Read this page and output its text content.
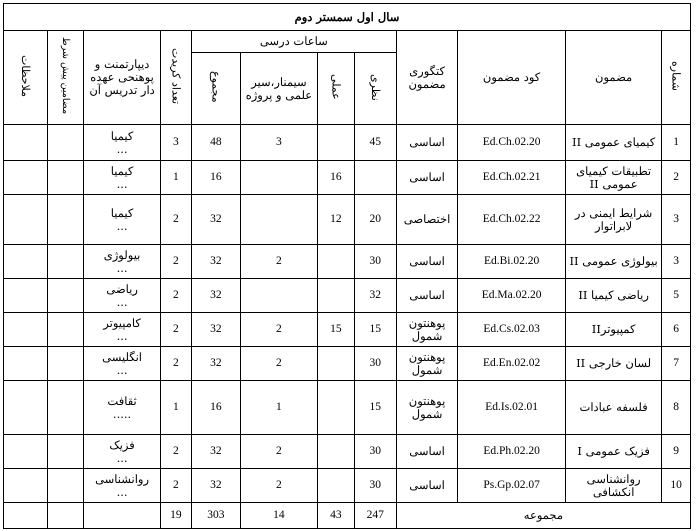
سال اول سمستر دوم											
شماره	مضمون	کود مضمون	کتگوری مضمون	ساعات درسی				تعداد کریدت	دیپارتمنت و پوهنحی عهده دار تدریس آن	مضامین پیش شرط	ملاحظات
				نظری	عملی	سیمنار،سیر علمی و پروژه	مجموع				
1	کیمیای عمومی II	Ed.Ch.02.20	اساسی	45		3	48	3	کیمیا
...		

2	تطبیقات کیمیای عمومی II	Ed.Ch.02.21	اساسی		16		16	1	کیمیا
...		

3	شرایط ایمنی در لابراتوار	Ed.Ch.02.22	اختصاصی	20	12		32	2	کیمیا
...		

3	بیولوژی عمومی II	Ed.Bi.02.20	اساسی	30		2	32	2	بیولوژی
...		

5	ریاضی کیمیا II	Ed.Ma.02.20	اساسی	32			32	2	ریاضی
...		

6	کمپیوترII	Ed.Cs.02.03	پوهنتون شمول	15	15	2	32	2	کامپیوتر
...		

7	لسان خارجی II	Ed.En.02.02	پوهنتون شمول	30		2	32	2	انگلیسی
...		

8	فلسفه عبادات	Ed.Is.02.01	پوهنتون شمول	15		1	16	1	ثقافت
.....		

9	فزیک عمومی I	Ed.Ph.02.20	اساسی	30		2	32	2	فزیک
...		

10	روانشناسی انکشافی	Ps.Gp.02.07	اساسی	30		2	32	2	روانشناسی
...		

مجموعه				247	43	14	303	19			
